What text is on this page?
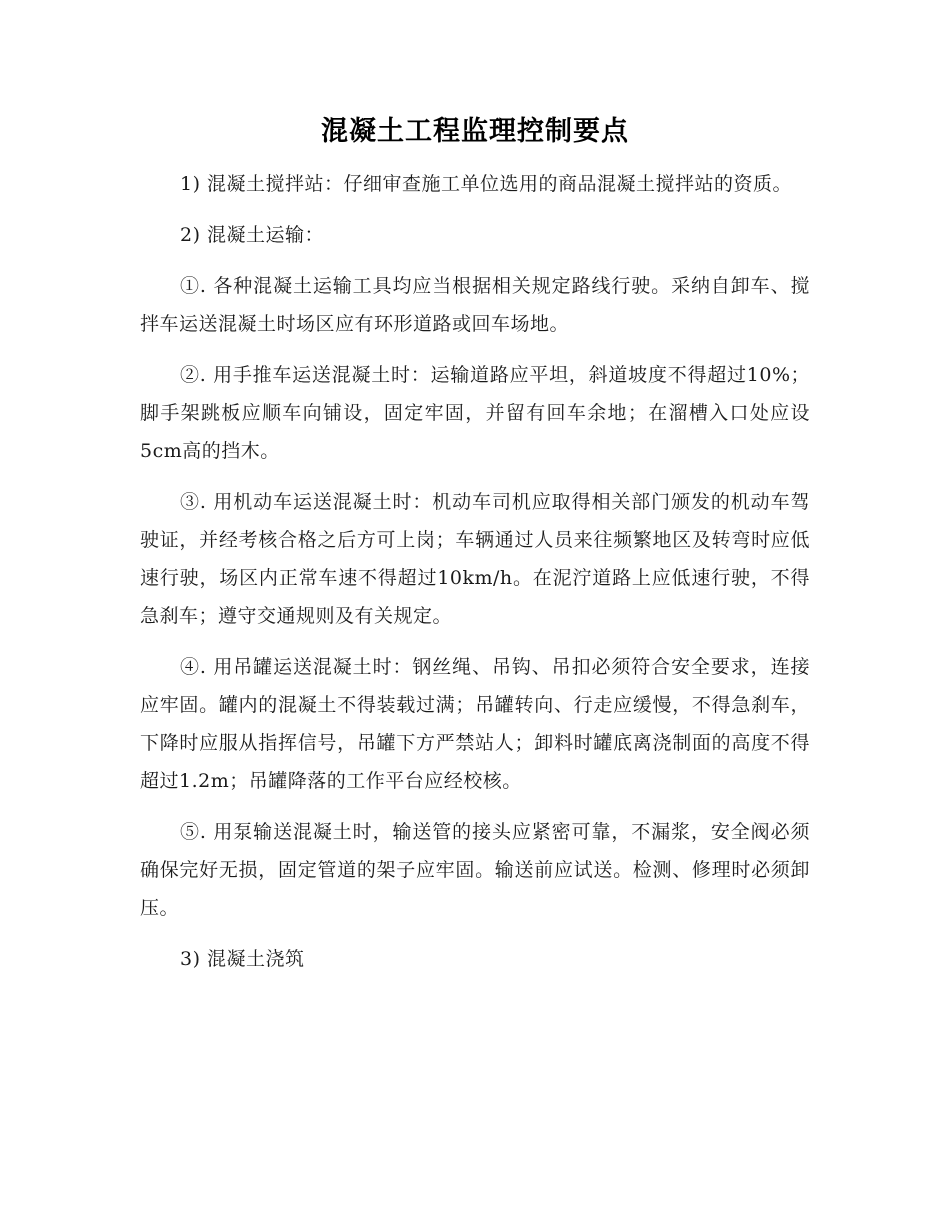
混凝土工程监理控制要点

1) 混凝土搅拌站：仔细审查施工单位选用的商品混凝土搅拌站的资质。

2) 混凝土运输：

①. 各种混凝土运输工具均应当根据相关规定路线行驶。采纳自卸车、搅拌车运送混凝土时场区应有环形道路或回车场地。

②. 用手推车运送混凝土时：运输道路应平坦，斜道坡度不得超过10%；脚手架跳板应顺车向铺设，固定牢固，并留有回车余地；在溜槽入口处应设5cm高的挡木。

③. 用机动车运送混凝土时：机动车司机应取得相关部门颁发的机动车驾驶证，并经考核合格之后方可上岗；车辆通过人员来往频繁地区及转弯时应低速行驶，场区内正常车速不得超过10km/h。在泥泞道路上应低速行驶，不得急刹车；遵守交通规则及有关规定。

④. 用吊罐运送混凝土时：钢丝绳、吊钩、吊扣必须符合安全要求，连接应牢固。罐内的混凝土不得装载过满；吊罐转向、行走应缓慢，不得急刹车，下降时应服从指挥信号，吊罐下方严禁站人；卸料时罐底离浇制面的高度不得超过1.2m；吊罐降落的工作平台应经校核。

⑤. 用泵输送混凝土时，输送管的接头应紧密可靠，不漏浆，安全阀必须确保完好无损，固定管道的架子应牢固。输送前应试送。检测、修理时必须卸压。

3) 混凝土浇筑
